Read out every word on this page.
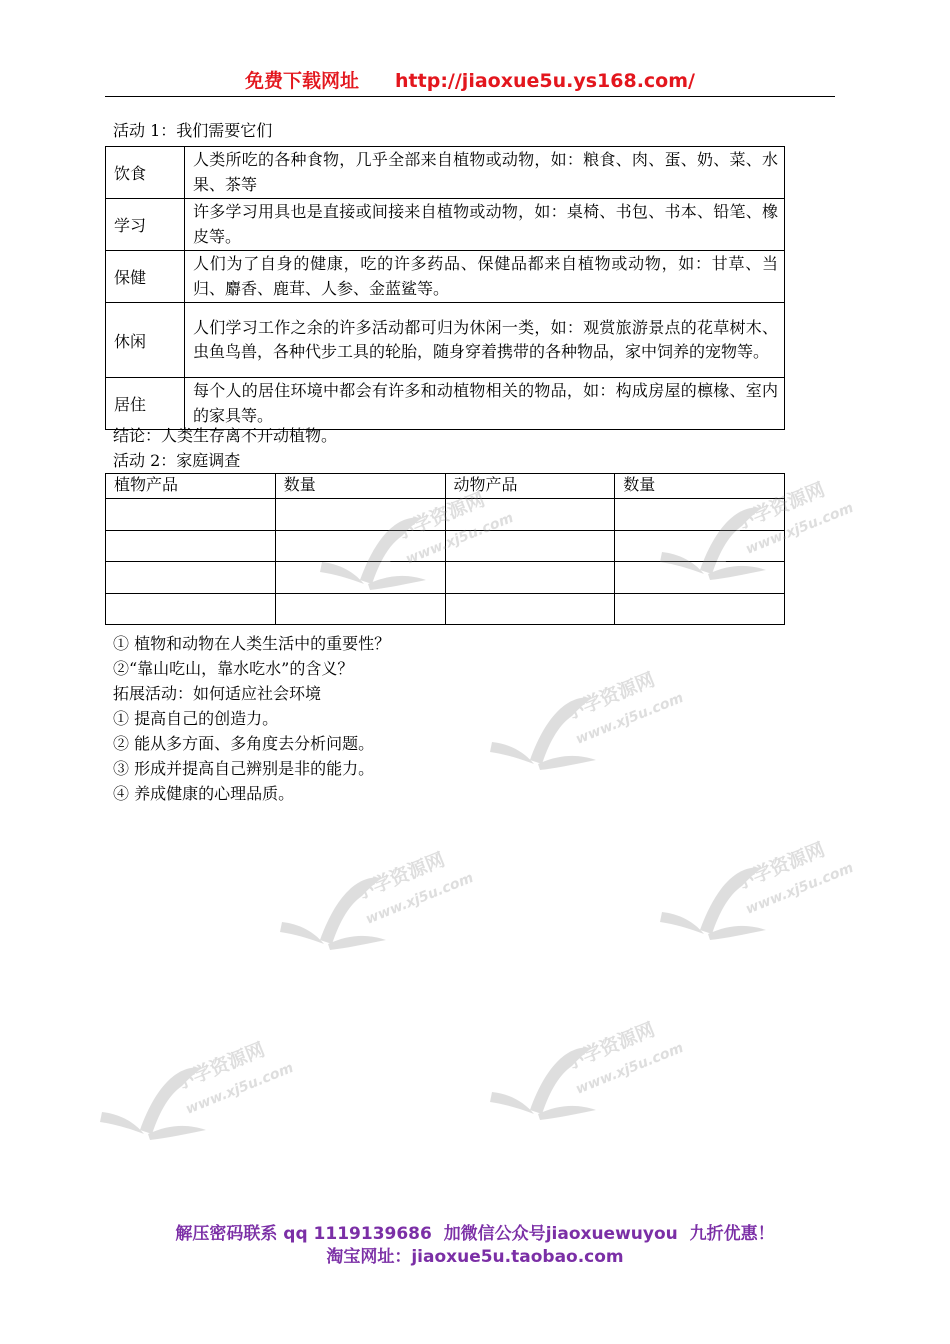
免费下载网址 http://jiaoxue5u.ys168.com/
活动 1：我们需要它们
饮食	人类所吃的各种食物，几乎全部来自植物或动物，如：粮食、肉、蛋、奶、菜、水果、茶等
学习	许多学习用具也是直接或间接来自植物或动物，如：桌椅、书包、书本、铅笔、橡皮等。
保健	人们为了自身的健康，吃的许多药品、保健品都来自植物或动物，如：甘草、当归、麝香、鹿茸、人参、金蓝鲨等。
休闲	人们学习工作之余的许多活动都可归为休闲一类，如：观赏旅游景点的花草树木、虫鱼鸟兽，各种代步工具的轮胎，随身穿着携带的各种物品，家中饲养的宠物等。
居住	每个人的居住环境中都会有许多和动植物相关的物品，如：构成房屋的檩椽、室内的家具等。
结论：人类生存离不开动植物。
活动 2：家庭调查
植物产品	数量	动物产品	数量

① 植物和动物在人类生活中的重要性？
②“靠山吃山，靠水吃水”的含义？
拓展活动：如何适应社会环境
① 提高自己的创造力。
② 能从多方面、多角度去分析问题。
③ 形成并提高自己辨别是非的能力。
④ 养成健康的心理品质。
解压密码联系 qq 1119139686 加微信公众号jiaoxuewuyou 九折优惠！
淘宝网址：jiaoxue5u.taobao.com
